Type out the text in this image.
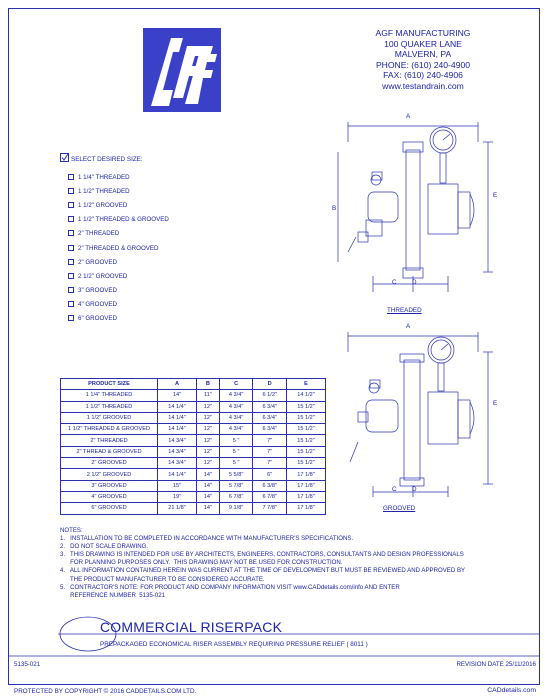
AGF MANUFACTURING
100 QUAKER LANE
MALVERN, PA
PHONE: (610) 240-4900
FAX: (610) 240-4906
www.testandrain.com
SELECT DESIRED SIZE:
1 1/4" THREADED
1 1/2" THREADED
1 1/2" GROOVED
1 1/2" THREADED & GROOVED
2" THREADED
2" THREADED & GROOVED
2" GROOVED
2 1/2" GROOVED
3" GROOVED
4" GROOVED
6" GROOVED
PRODUCT SIZE	A	B	C	D	E
1 1/4" THREADED	14"	11"	4 3/4"	6 1/2"	14 1/2"
1 1/2" THREADED	14 1/4"	12"	4 3/4"	6 3/4"	15 1/2"
1 1/2" GROOVED	14 1/4"	12"	4 3/4"	6 3/4"	15 1/2"
1 1/2" THREADED & GROOVED	14 1/4"	12"	4 3/4"	6 3/4"	15 1/2"
2" THREADED	14 3/4"	12"	5 "	7"	15 1/2"
2" THREAD & GROOVED	14 3/4"	12"	5 "	7"	15 1/2"
2" GROOVED	14 3/4"	12"	5 "	7"	15 1/2"
2 1/2" GROOVED	14 1/4"	14"	5 5/8"	6"	17 1/8"
3" GROOVED	15"	14"	5 7/8"	6 3/8"	17 1/8"
4" GROOVED	19"	14"	6 7/8"	6 7/8"	17 1/8"
6" GROOVED	21 1/8"	14"	9 1/8"	7 7/8"	17 1/8"
A
B
E
C D
THREADED
A
E
C D
GROOVED

NOTES:

1.   INSTALLATION TO BE COMPLETED IN ACCORDANCE WITH MANUFACTURER'S SPECIFICATIONS.

2.   DO NOT SCALE DRAWING.

3.   THIS DRAWING IS INTENDED FOR USE BY ARCHITECTS, ENGINEERS, CONTRACTORS, CONSULTANTS AND DESIGN PROFESSIONALS

FOR PLANNING PURPOSES ONLY.  THIS DRAWING MAY NOT BE USED FOR CONSTRUCTION.

4.   ALL INFORMATION CONTAINED HEREIN WAS CURRENT AT THE TIME OF DEVELOPMENT BUT MUST BE REVIEWED AND APPROVED BY

THE PRODUCT MANUFACTURER TO BE CONSIDERED ACCURATE.

5.   CONTRACTOR'S NOTE: FOR PRODUCT AND COMPANY INFORMATION VISIT www.CADdetails.com/info AND ENTER

REFERENCE NUMBER  5135-021

COMMERCIAL RISERPACK
PREPACKAGED ECONOMICAL RISER ASSEMBLY REQUIRING PRESSURE RELIEF ( 8011 )
5135-021	REVISION DATE 25/11/2016
PROTECTED BY COPYRIGHT © 2016 CADDETAILS.COM LTD.	CADdetails.com
